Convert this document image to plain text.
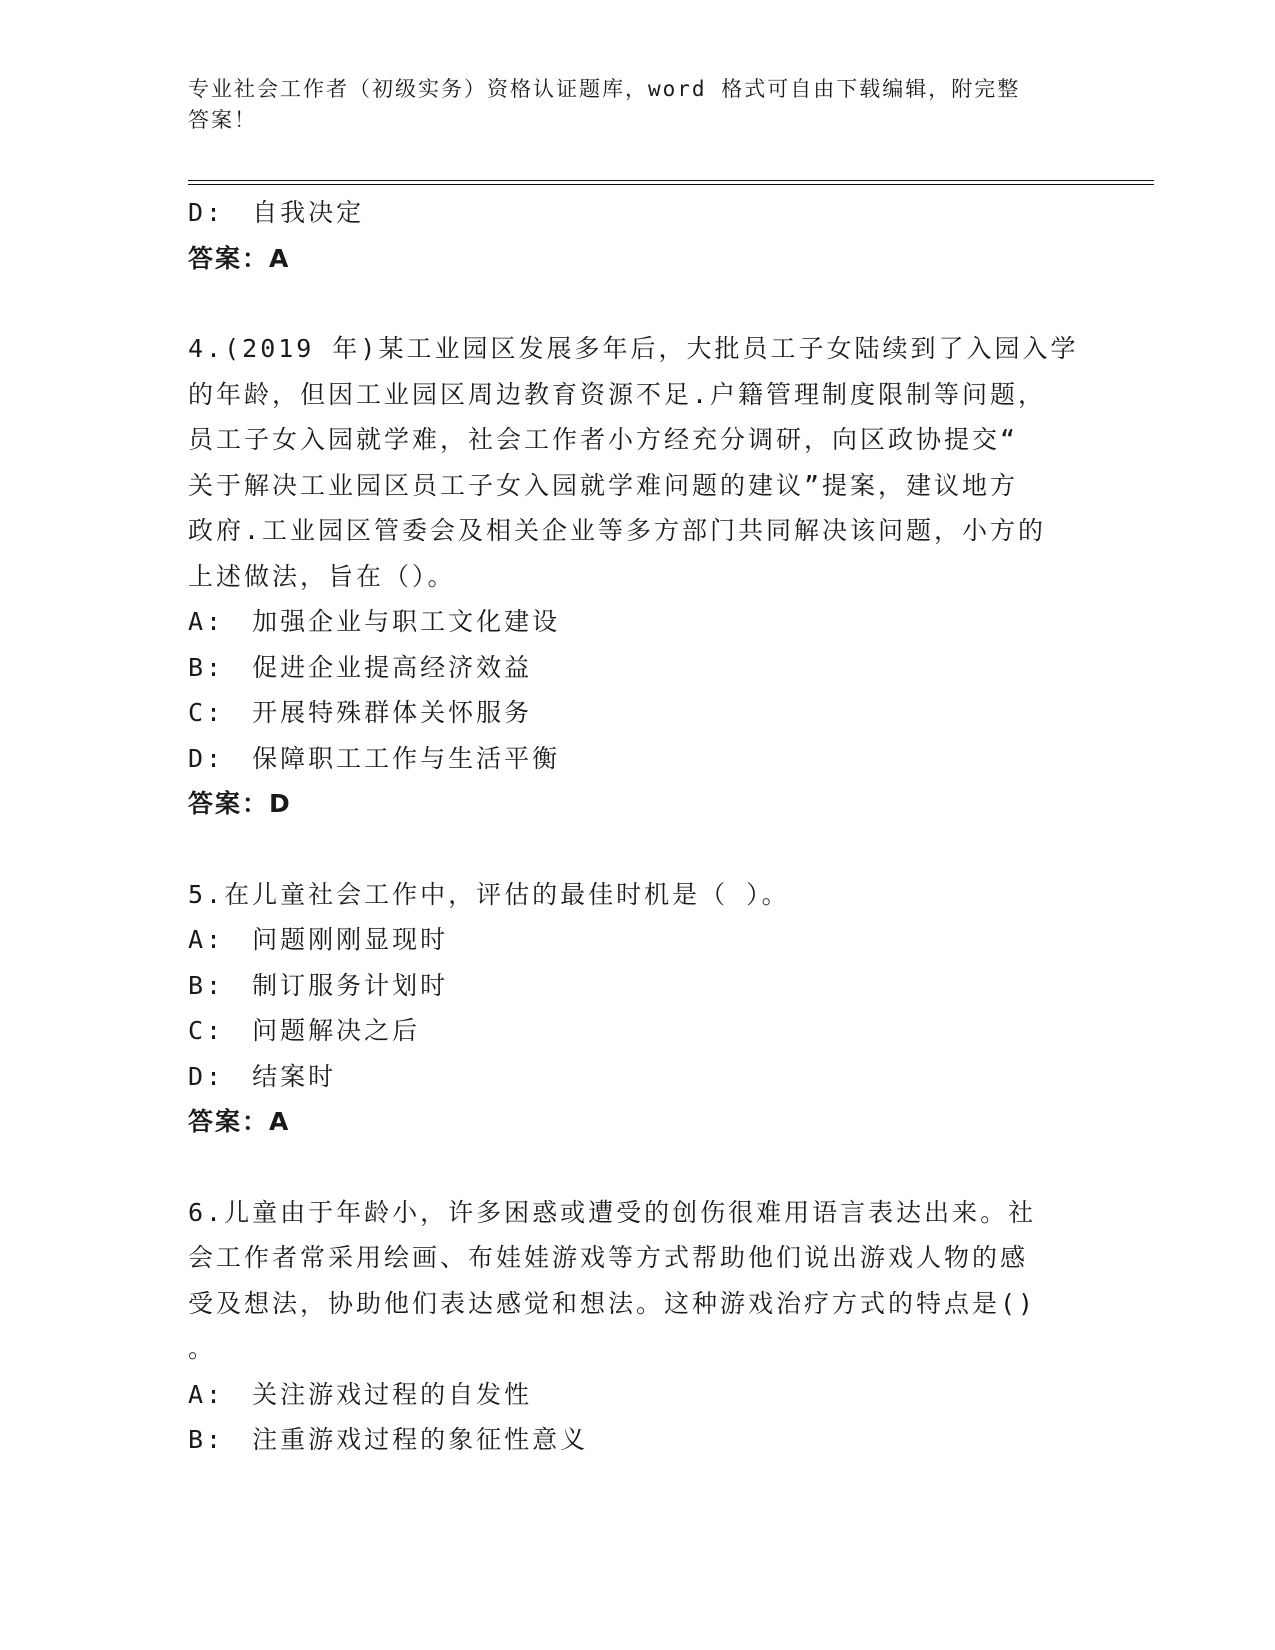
专业社会工作者（初级实务）资格认证题库，word 格式可自由下载编辑，附完整
答案！
D:　自我决定
答案：A
4.(2019 年)某工业园区发展多年后，大批员工子女陆续到了入园入学
的年龄，但因工业园区周边教育资源不足.户籍管理制度限制等问题，
员工子女入园就学难，社会工作者小方经充分调研，向区政协提交“
关于解决工业园区员工子女入园就学难问题的建议”提案，建议地方
政府.工业园区管委会及相关企业等多方部门共同解决该问题，小方的
上述做法，旨在（）。
A:　加强企业与职工文化建设
B:　促进企业提高经济效益
C:　开展特殊群体关怀服务
D:　保障职工工作与生活平衡
答案：D
5.在儿童社会工作中，评估的最佳时机是（ ）。
A:　问题刚刚显现时
B:　制订服务计划时
C:　问题解决之后
D:　结案时
答案：A
6.儿童由于年龄小，许多困惑或遭受的创伤很难用语言表达出来。社
会工作者常采用绘画、布娃娃游戏等方式帮助他们说出游戏人物的感
受及想法，协助他们表达感觉和想法。这种游戏治疗方式的特点是()
。
A:　关注游戏过程的自发性
B:　注重游戏过程的象征性意义
